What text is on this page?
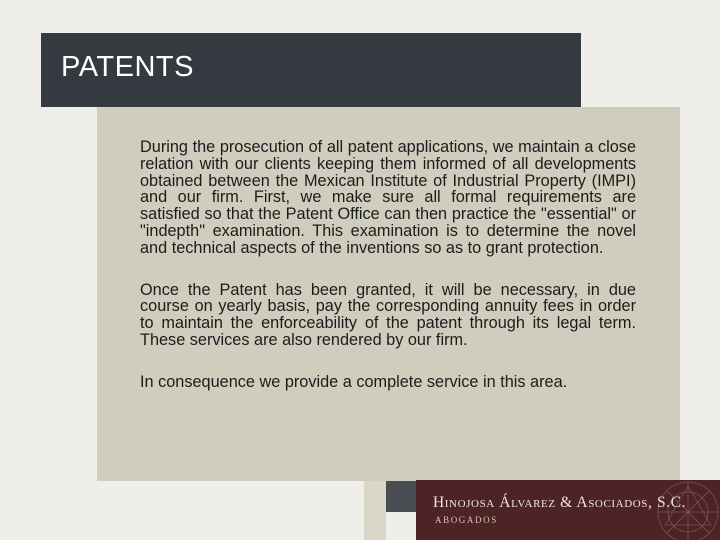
PATENTS

During the prosecution of all patent applications, we maintain a close relation with our clients keeping them informed of all developments obtained between the Mexican Institute of Industrial Property (IMPI) and our firm. First, we make sure all formal requirements are satisfied so that the Patent Office can then practice the "essential" or "indepth" examination. This examination is to determine the novel and technical aspects of the inventions so as to grant protection.

Once the Patent has been granted, it will be necessary, in due course on yearly basis, pay the corresponding annuity fees in order to maintain the enforceability of the patent through its legal term. These services are also rendered by our firm.

In consequence we provide a complete service in this area.

Hinojosa Álvarez & Asociados, S.C.
ABOGADOS
